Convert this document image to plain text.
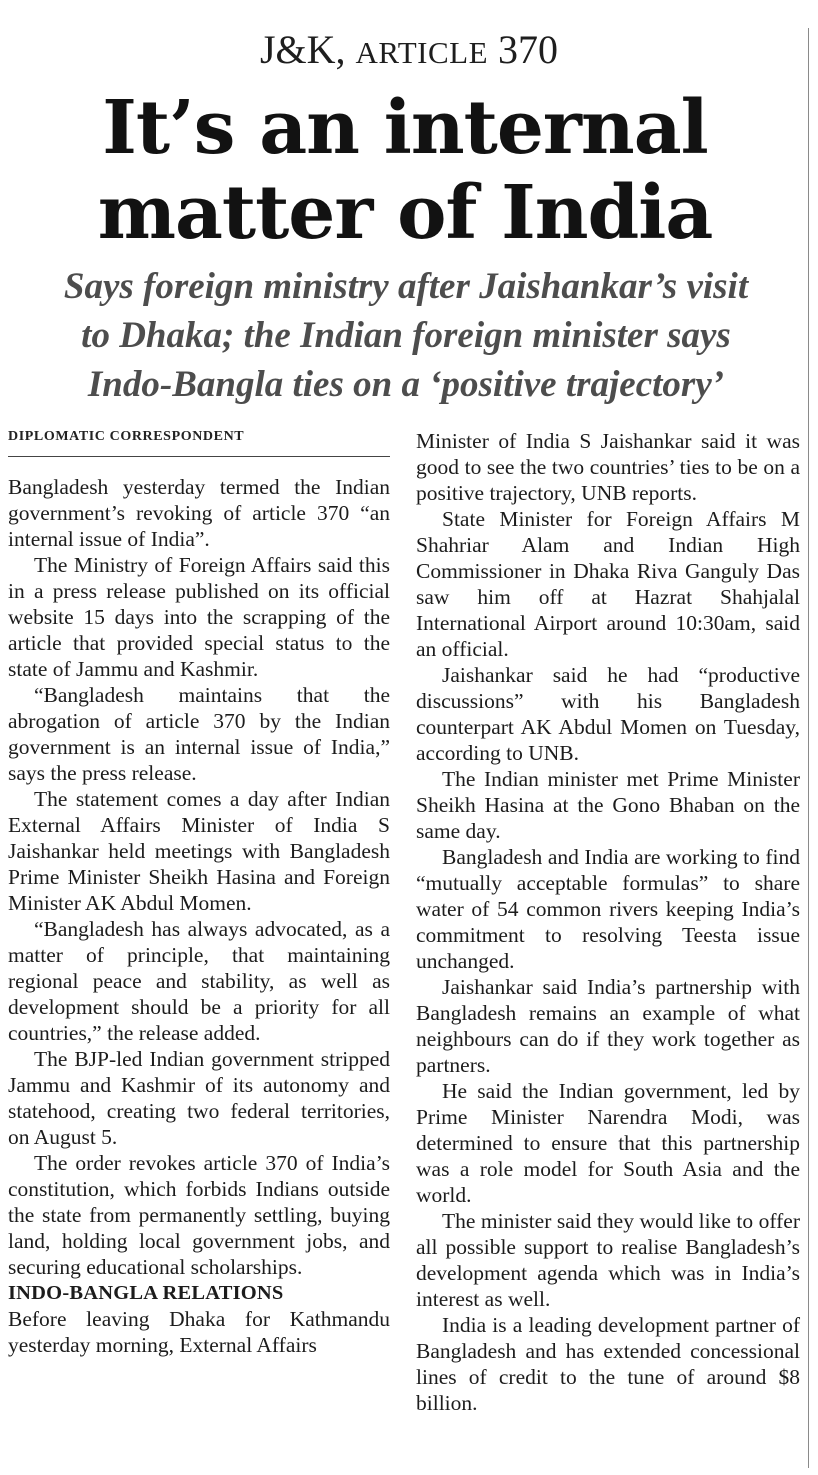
J&K, ARTICLE 370
It’s an internal
matter of India
Says foreign ministry after Jaishankar’s visit
to Dhaka; the Indian foreign minister says
Indo-Bangla ties on a ‘positive trajectory’
DIPLOMATIC CORRESPONDENT

Bangladesh yesterday termed the Indian government’s revoking of article 370 “an internal issue of India”.

The Ministry of Foreign Affairs said this in a press release published on its official website 15 days into the scrapping of the article that provided special status to the state of Jammu and Kashmir.

“Bangladesh maintains that the abrogation of article 370 by the Indian government is an internal issue of India,” says the press release.

The statement comes a day after Indian External Affairs Minister of India S Jaishankar held meetings with Bangladesh Prime Minister Sheikh Hasina and Foreign Minister AK Abdul Momen.

“Bangladesh has always advocated, as a matter of principle, that maintaining regional peace and stability, as well as development should be a priority for all countries,” the release added.

The BJP-led Indian government stripped Jammu and Kashmir of its autonomy and statehood, creating two federal territories, on August 5.

The order revokes article 370 of India’s constitution, which forbids Indians outside the state from permanently settling, buying land, holding local government jobs, and securing educational scholarships.

INDO-BANGLA RELATIONS

Before leaving Dhaka for Kathmandu yesterday morning, External Affairs

Minister of India S Jaishankar said it was good to see the two countries’ ties to be on a positive trajectory, UNB reports.

State Minister for Foreign Affairs M Shahriar Alam and Indian High Commissioner in Dhaka Riva Ganguly Das saw him off at Hazrat Shahjalal International Airport around 10:30am, said an official.

Jaishankar said he had “productive discussions” with his Bangladesh counterpart AK Abdul Momen on Tuesday, according to UNB.

The Indian minister met Prime Minister Sheikh Hasina at the Gono Bhaban on the same day.

Bangladesh and India are working to find “mutually acceptable formulas” to share water of 54 common rivers keeping India’s commitment to resolving Teesta issue unchanged.

Jaishankar said India’s partnership with Bangladesh remains an example of what neighbours can do if they work together as partners.

He said the Indian government, led by Prime Minister Narendra Modi, was determined to ensure that this partnership was a role model for South Asia and the world.

The minister said they would like to offer all possible support to realise Bangladesh’s development agenda which was in India’s interest as well.

India is a leading development partner of Bangladesh and has extended concessional lines of credit to the tune of around $8 billion.
